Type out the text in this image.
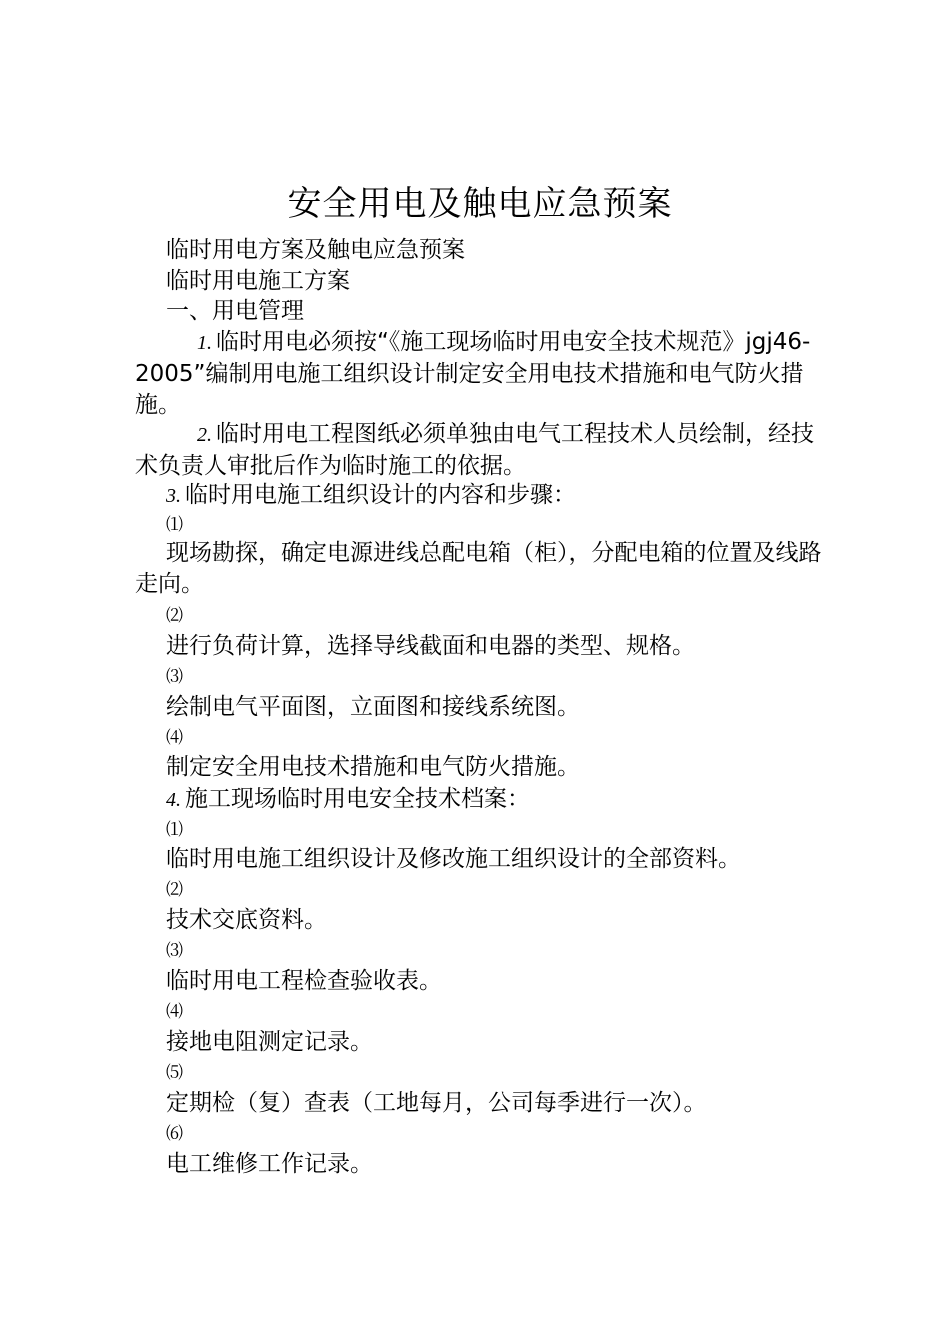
安全用电及触电应急预案
临时用电方案及触电应急预案
临时用电施工方案
一、用电管理
1. 临时用电必须按“《施工现场临时用电安全技术规范》jgj46-2005”编制用电施工组织设计制定安全用电技术措施和电气防火措施。
2. 临时用电工程图纸必须单独由电气工程技术人员绘制，经技术负责人审批后作为临时施工的依据。
3. 临时用电施工组织设计的内容和步骤：
⑴
现场勘探，确定电源进线总配电箱（柜），分配电箱的位置及线路走向。
⑵
进行负荷计算，选择导线截面和电器的类型、规格。
⑶
绘制电气平面图，立面图和接线系统图。
⑷
制定安全用电技术措施和电气防火措施。
4. 施工现场临时用电安全技术档案：
⑴
临时用电施工组织设计及修改施工组织设计的全部资料。
⑵
技术交底资料。
⑶
临时用电工程检查验收表。
⑷
接地电阻测定记录。
⑸
定期检（复）查表（工地每月，公司每季进行一次）。
⑹
电工维修工作记录。
